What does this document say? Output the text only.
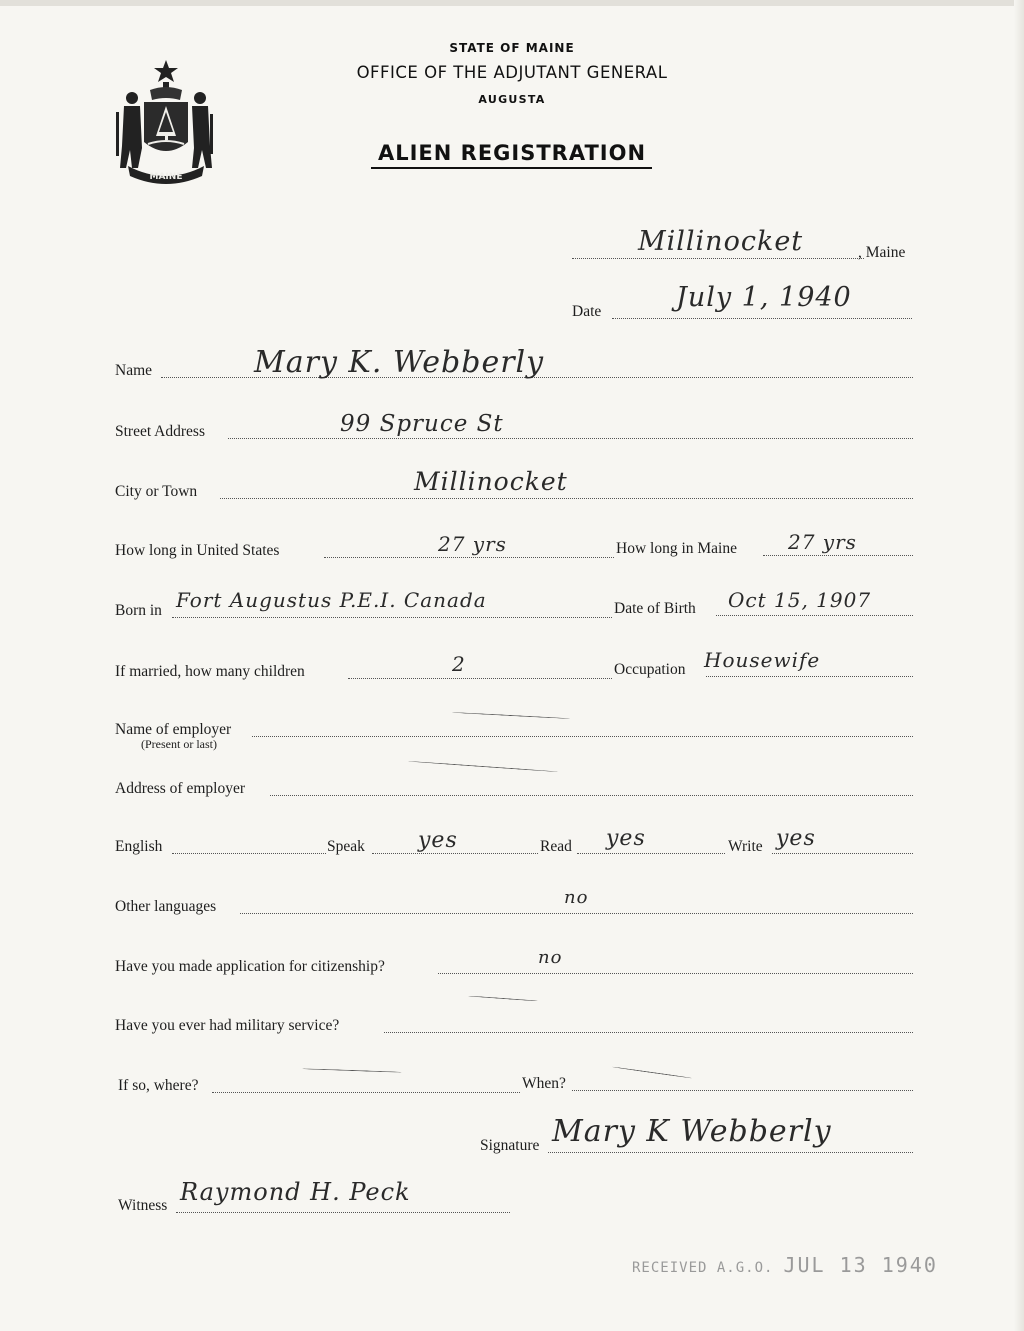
MAINE
STATE OF MAINE
OFFICE OF THE ADJUTANT GENERAL
AUGUSTA
ALIEN REGISTRATION
Millinocket	, Maine
Date	July 1, 1940
Name	Mary K. Webberly
Street Address	99 Spruce St
City or Town	Millinocket
How long in United States	27 yrs	How long in Maine	27 yrs
Born in Fort Augustus P.E.I. Canada	Date of Birth Oct 15, 1907
If married, how many children	2	Occupation Housewife
Name of employer
(Present or last)
Address of employer
English	Speak yes	Read yes	Write yes
Other languages	no
Have you made application for citizenship?	no
Have you ever had military service?
If so, where?	When?
Signature Mary K Webberly
Witness Raymond H. Peck
RECEIVED A.G.O. JUL 13 1940
